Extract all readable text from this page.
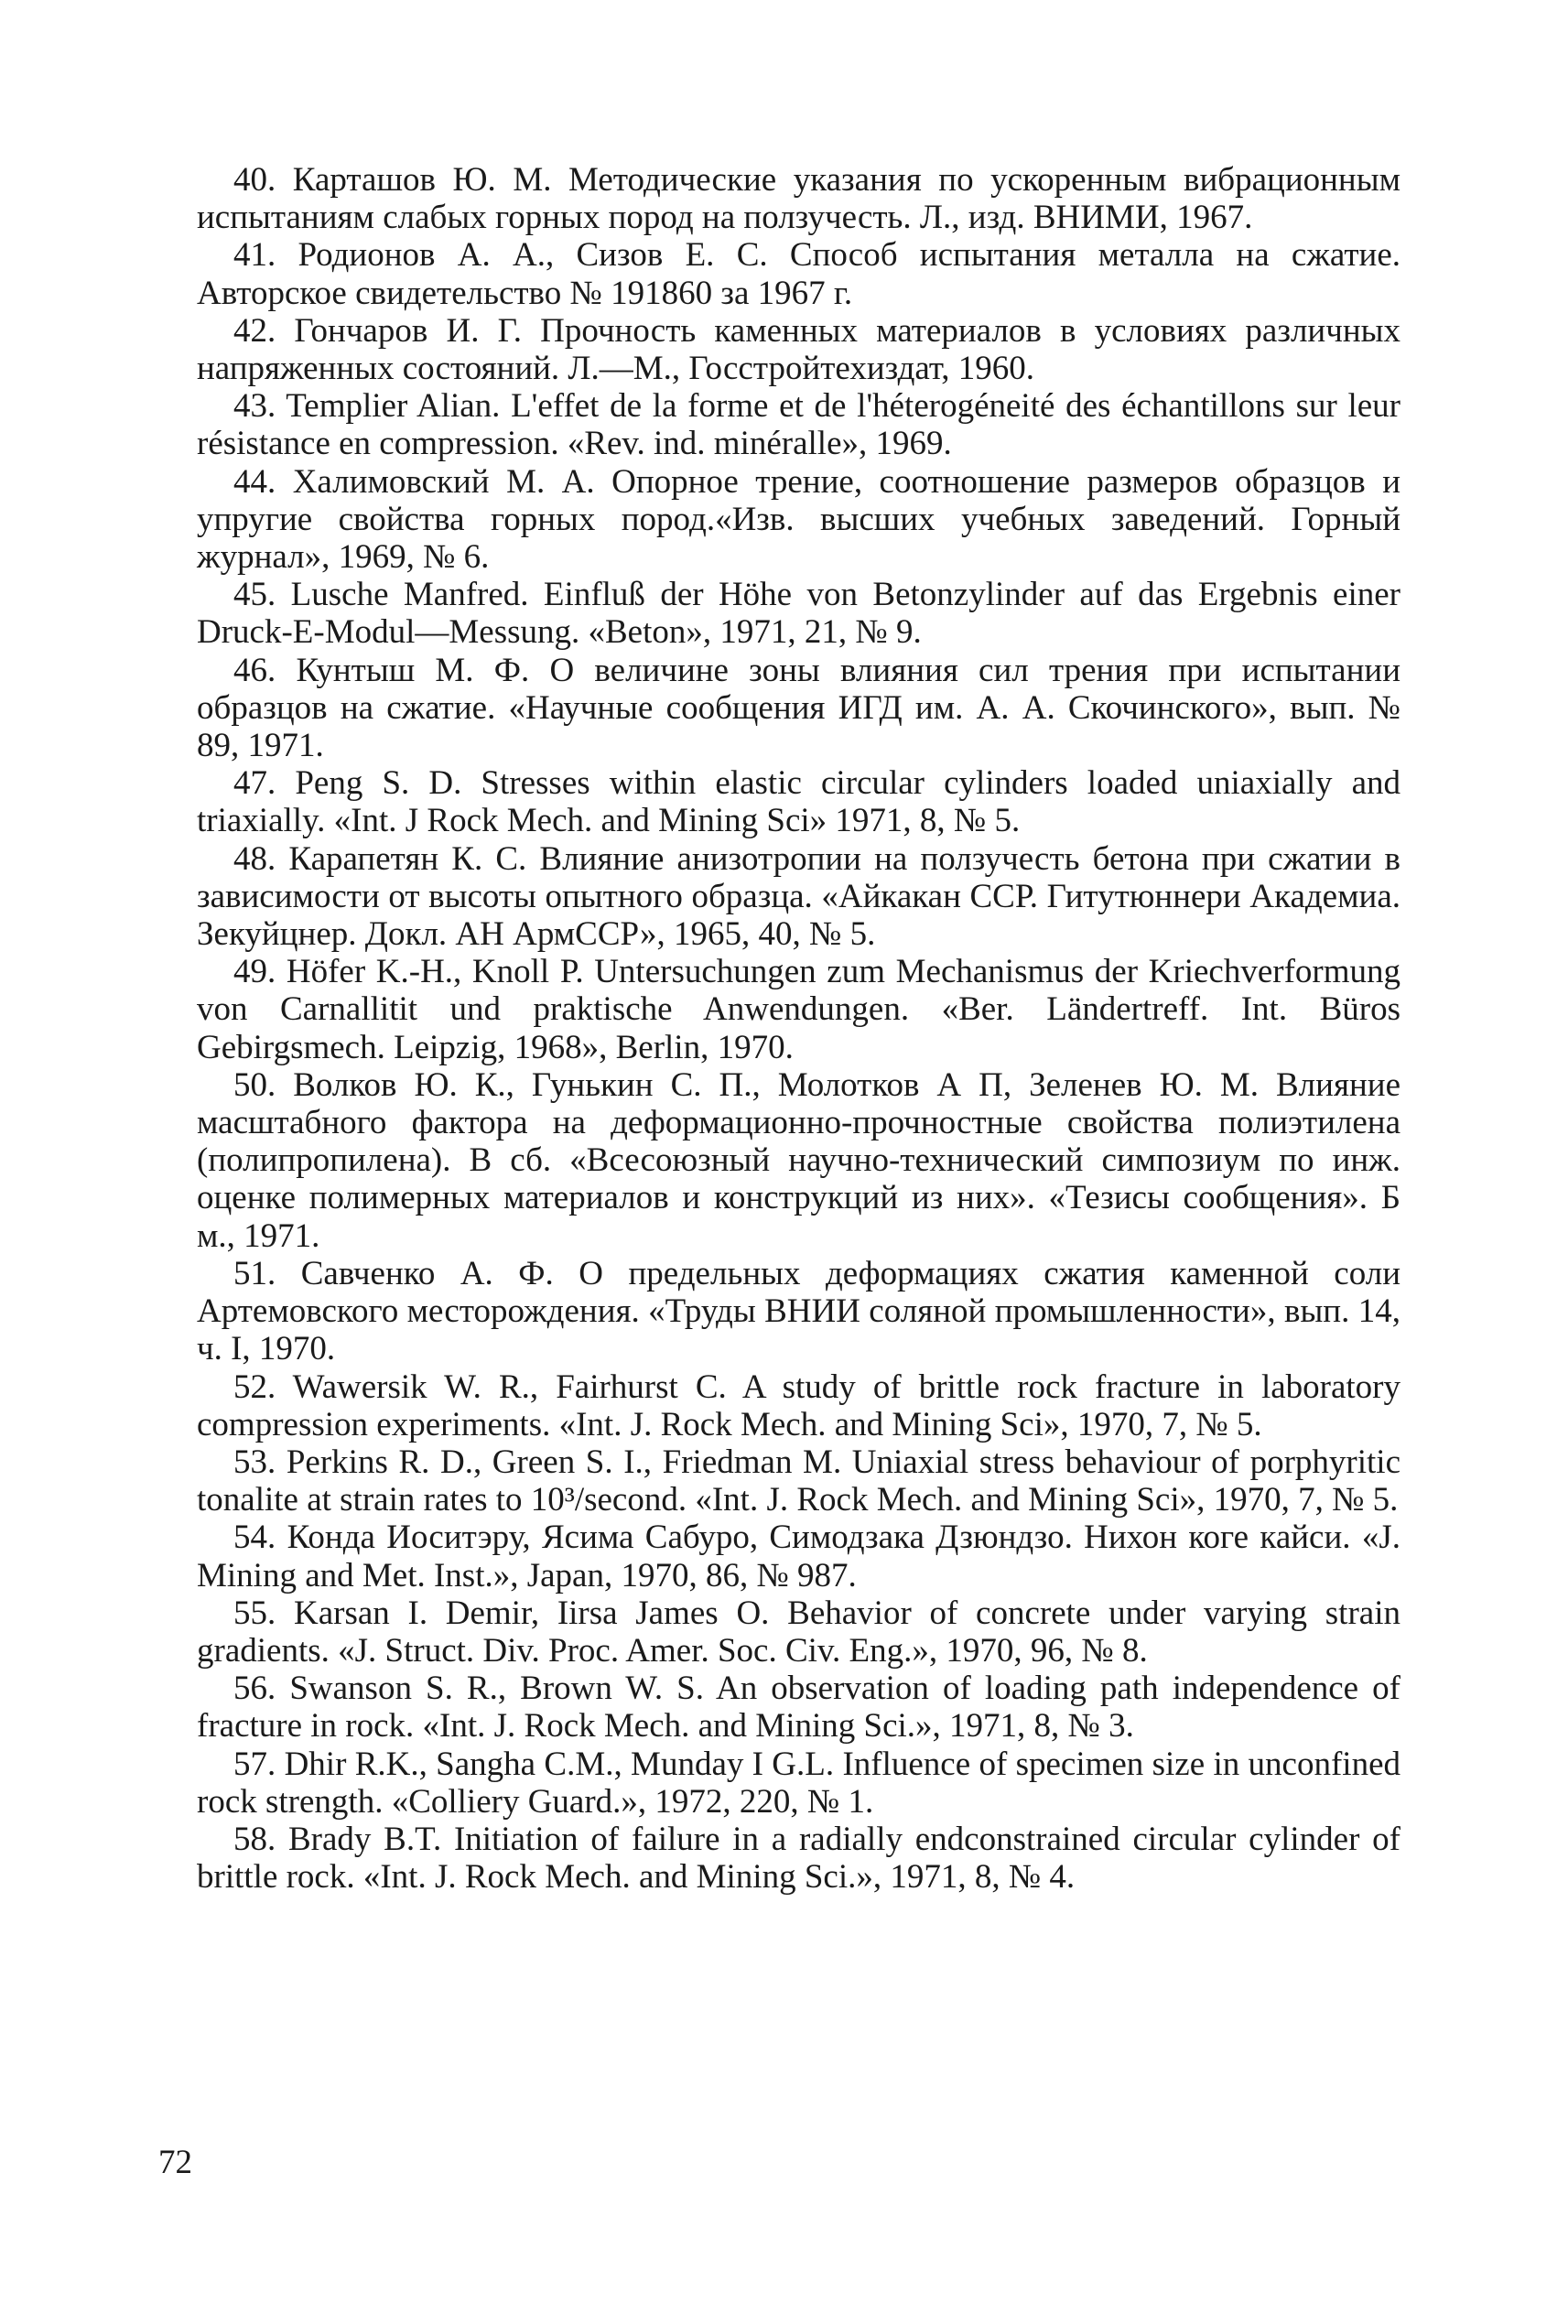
40. Карташов Ю. М. Методические указания по ускоренным вибрационным испытаниям слабых горных пород на ползучесть. Л., изд. ВНИМИ, 1967.

41. Родионов А. А., Сизов Е. С. Способ испытания металла на сжатие. Авторское свидетельство № 191860 за 1967 г.

42. Гончаров И. Г. Прочность каменных материалов в условиях различных напряженных состояний. Л.—М., Госстройтехиздат, 1960.

43. Templier Alian. L'effet de la forme et de l'héterogéneité des échantillons sur leur résistance en compression. «Rev. ind. minéralle», 1969.

44. Халимовский М. А. Опорное трение, соотношение размеров образцов и упругие свойства горных пород.«Изв. высших учебных заведений. Горный журнал», 1969, № 6.

45. Lusche Manfred. Einfluß der Höhe von Betonzylinder auf das Ergebnis einer Druck-E-Modul—Messung. «Beton», 1971, 21, № 9.

46. Кунтыш М. Ф. О величине зоны влияния сил трения при испытании образцов на сжатие. «Научные сообщения ИГД им. А. А. Скочинского», вып. № 89, 1971.

47. Peng S. D. Stresses within elastic circular cylinders loaded uniaxially and triaxially. «Int. J Rock Mech. and Mining Sci» 1971, 8, № 5.

48. Карапетян К. С. Влияние анизотропии на ползучесть бетона при сжатии в зависимости от высоты опытного образца. «Айкакан ССР. Гитутюннери Академиа. Зекуйцнер. Докл. АН АрмССР», 1965, 40, № 5.

49. Höfer K.-H., Knoll P. Untersuchungen zum Mechanismus der Kriechverformung von Carnallitit und praktische Anwendungen. «Ber. Ländertreff. Int. Büros Gebirgsmech. Leipzig, 1968», Berlin, 1970.

50. Волков Ю. К., Гунькин С. П., Молотков А П, Зеленев Ю. М. Влияние масштабного фактора на деформационно-прочностные свойства полиэтилена (полипропилена). В сб. «Всесоюзный научно-технический симпозиум по инж. оценке полимерных материалов и конструкций из них». «Тезисы сообщения». Б м., 1971.

51. Савченко А. Ф. О предельных деформациях сжатия каменной соли Артемовского месторождения. «Труды ВНИИ соляной промышленности», вып. 14, ч. I, 1970.

52. Wawersik W. R., Fairhurst C. A study of brittle rock fracture in laboratory compression experiments. «Int. J. Rock Mech. and Mining Sci», 1970, 7, № 5.

53. Perkins R. D., Green S. I., Friedman M. Uniaxial stress behaviour of porphyritic tonalite at strain rates to 10³/second. «Int. J. Rock Mech. and Mining Sci», 1970, 7, № 5.

54. Конда Иоситэру, Ясима Сабуро, Симодзака Дзюндзо. Нихон коге кайси. «J. Mining and Met. Inst.», Japan, 1970, 86, № 987.

55. Karsan I. Demir, Iirsa James O. Behavior of concrete under varying strain gradients. «J. Struct. Div. Proc. Amer. Soc. Civ. Eng.», 1970, 96, № 8.

56. Swanson S. R., Brown W. S. An observation of loading path independence of fracture in rock. «Int. J. Rock Mech. and Mining Sci.», 1971, 8, № 3.

57. Dhir R.K., Sangha C.M., Munday I G.L. Influence of specimen size in unconfined rock strength. «Colliery Guard.», 1972, 220, № 1.

58. Brady B.T. Initiation of failure in a radially endconstrained circular cylinder of brittle rock. «Int. J. Rock Mech. and Mining Sci.», 1971, 8, № 4.

72
